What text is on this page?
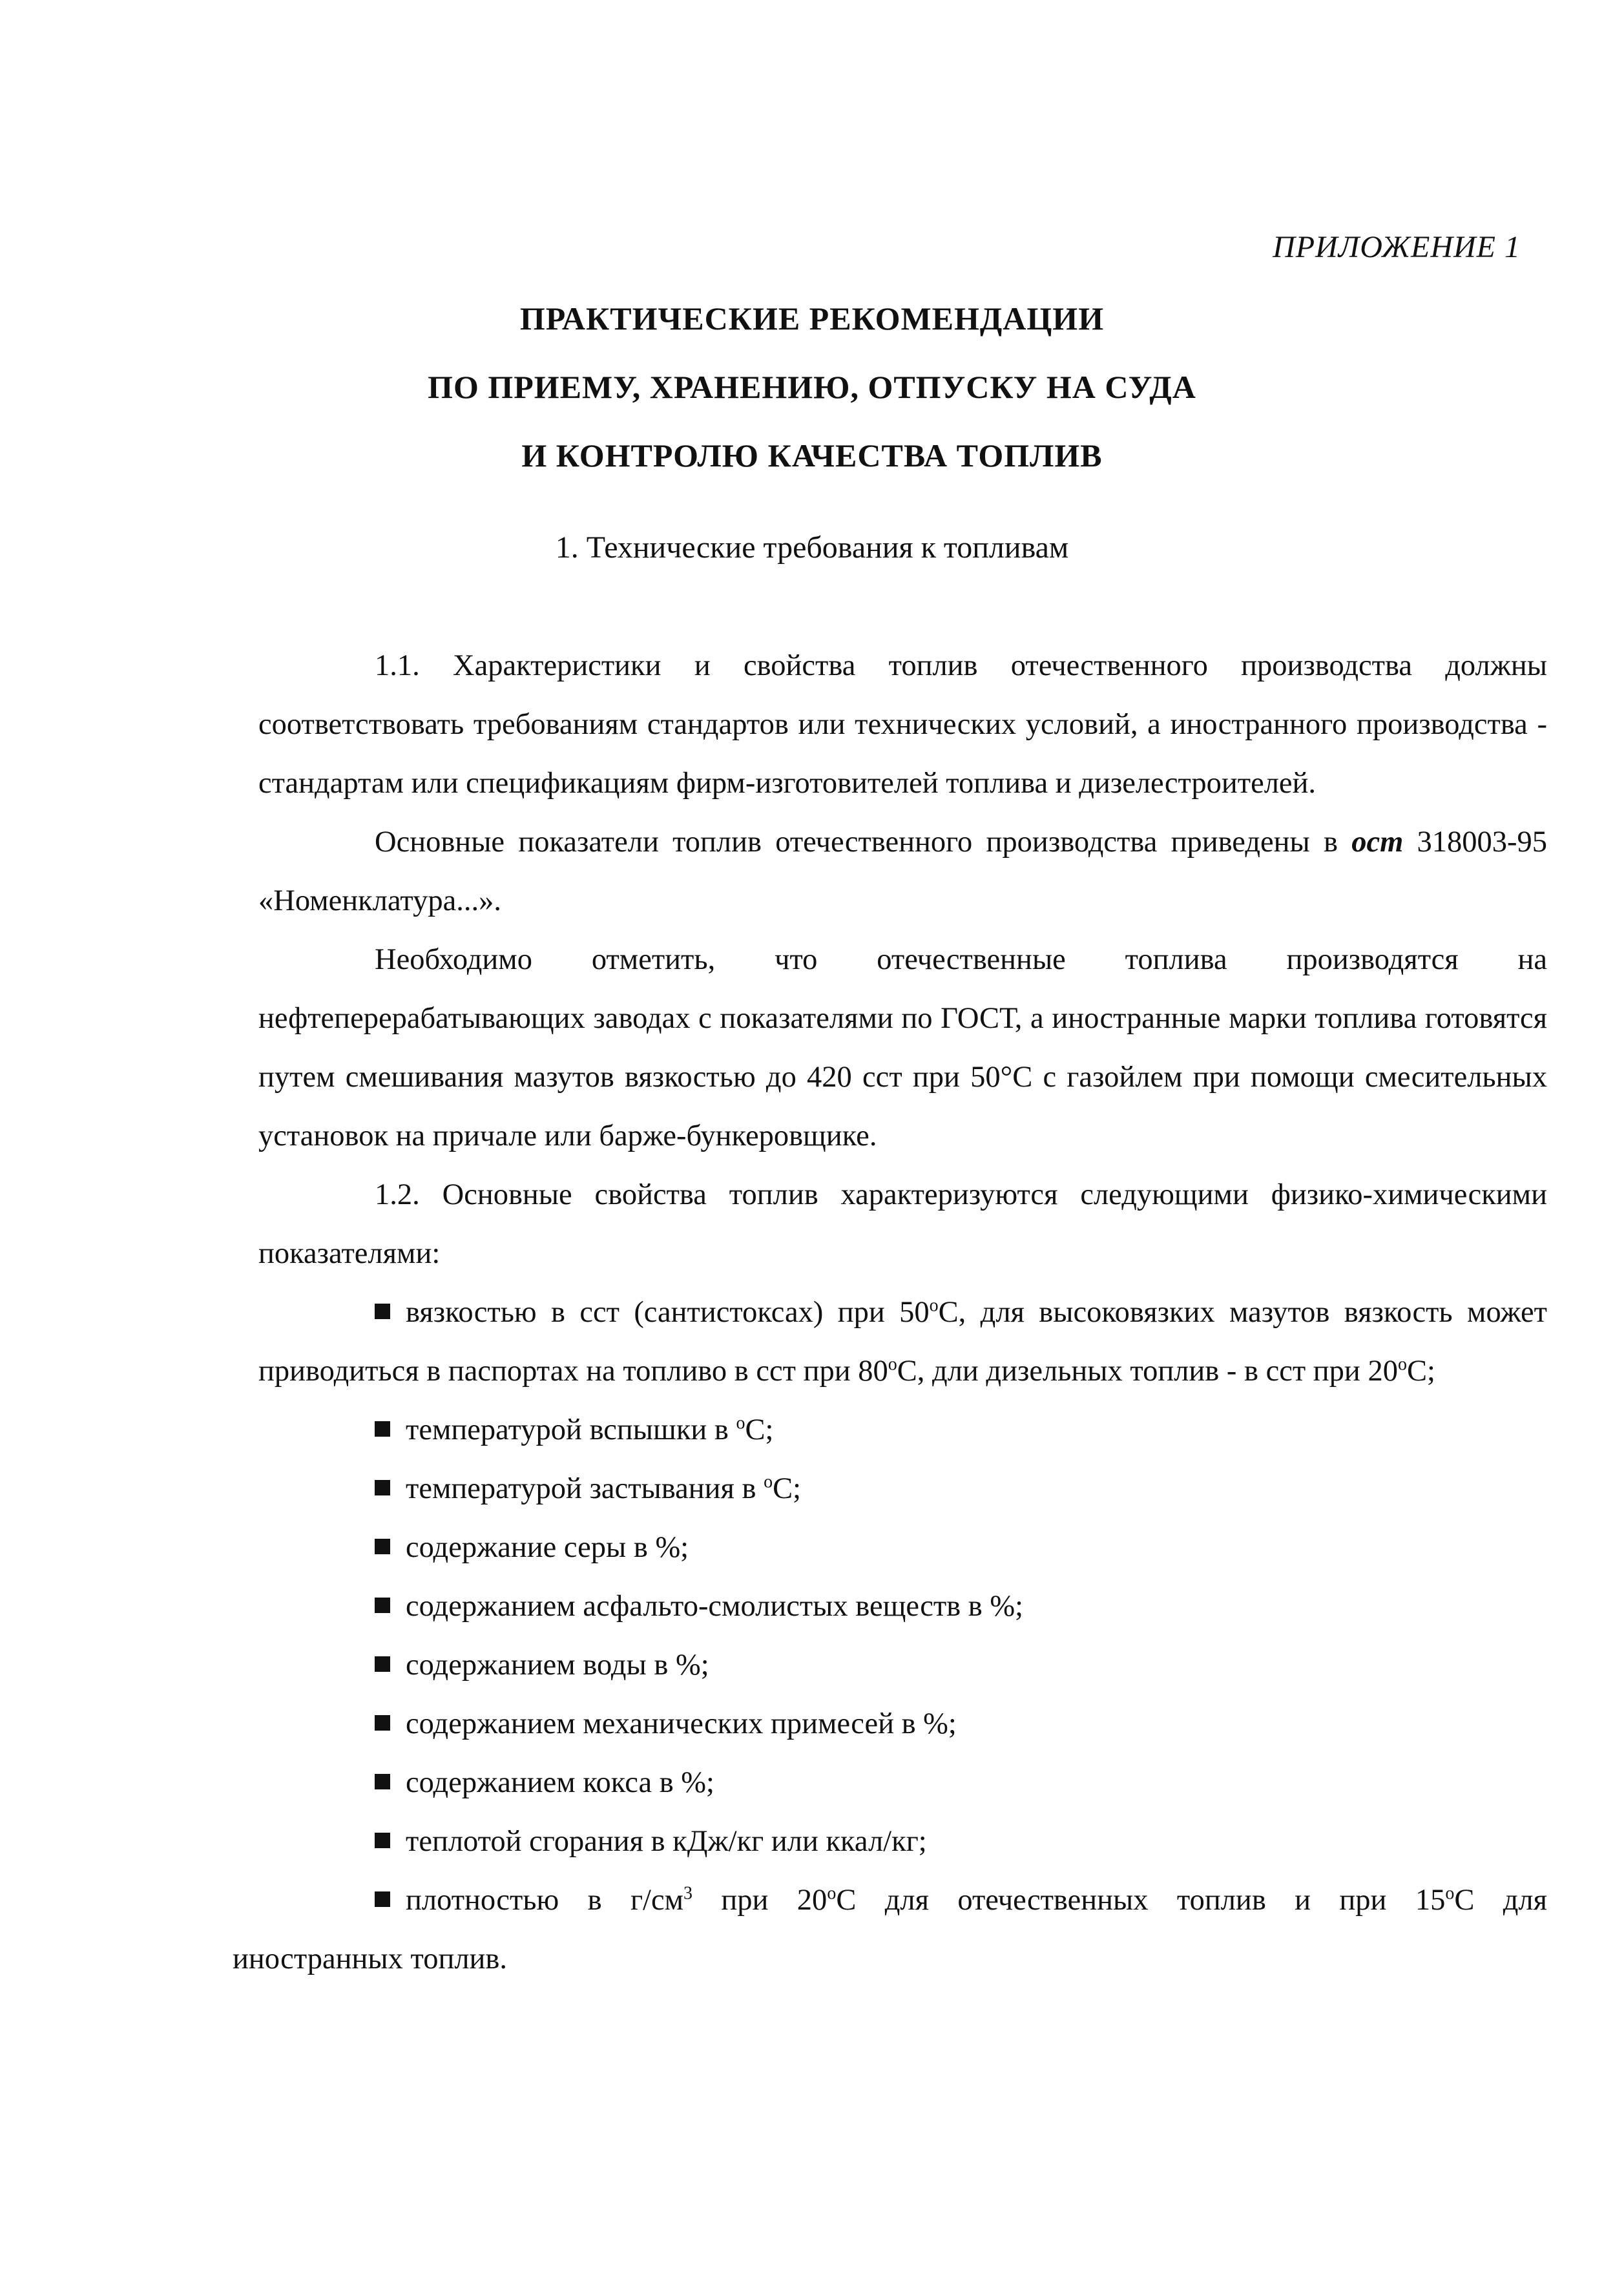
ПРИЛОЖЕНИЕ 1
ПРАКТИЧЕСКИЕ РЕКОМЕНДАЦИИ
ПО ПРИЕМУ, ХРАНЕНИЮ, ОТПУСКУ НА СУДА
И КОНТРОЛЮ КАЧЕСТВА ТОПЛИВ
1. Технические требования к топливам

1.1. Характеристики и свойства топлив отечественного производства должны соответствовать требованиям стандартов или технических условий, а иностранного производства - стандартам или спецификациям фирм-изготовителей топлива и дизелестроителей.

Основные показатели топлив отечественного производства приведены в ост 318003-95 «Номенклатура...».

Необходимо отметить, что отечественные топлива производятся на нефтеперерабатывающих заводах с показателями по ГОСТ, а иностранные марки топлива готовятся путем смешивания мазутов вязкостью до 420 сст при 50°С с газойлем при помощи смесительных установок на причале или барже-бункеровщике.

1.2. Основные свойства топлив характеризуются следующими физико-химическими показателями:

вязкостью в сст (сантистоксах) при $50^оС$, для высоковязких мазутов вязкость может приводиться в паспортах на топливо в сст при $80^оС$, дли дизельных топлив - в сст при $20^оС$;

температурой вспышки в $^о$С;

температурой застывания в $^о$С;

содержание серы в %;

содержанием асфальто-смолистых веществ в %;

содержанием воды в %;

содержанием механических примесей в %;

содержанием кокса в %;

теплотой сгорания в кДж/кг или ккал/кг;

плотностью в $г/см^3$ при $20^оС$ для отечественных топлив и при $15^оС$ для

иностранных топлив.
